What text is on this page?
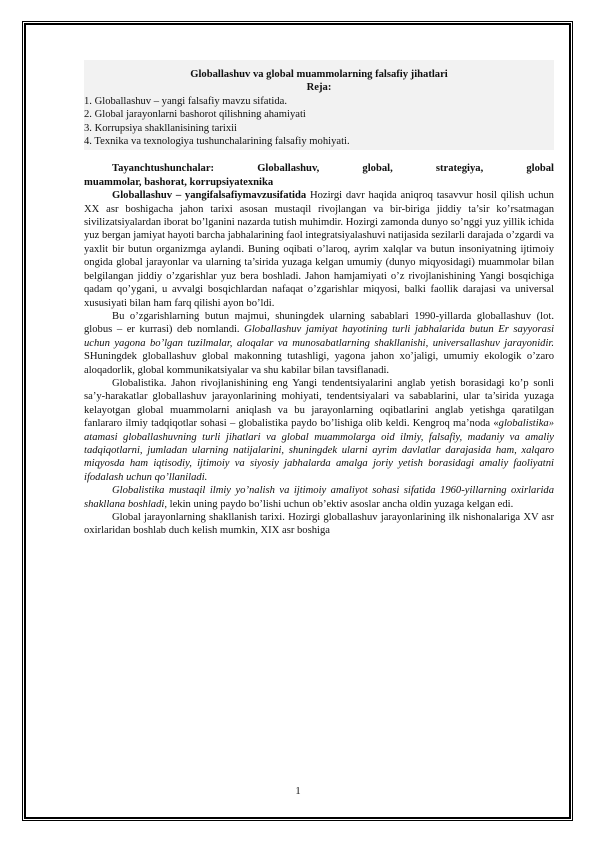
Globallashuv va global muammolarning falsafiy jihatlari
Reja:
1. Globallashuv – yangi falsafiy mavzu sifatida.
2. Global jarayonlarni bashorot qilishning ahamiyati
3. Korrupsiya shakllanisining tarixii
4. Texnika va texnologiya tushunchalarining falsafiy mohiyati.
Tayanchtushunchalar:	Globallashuv, global, strategiya, global
muammolar, bashorat, korrupsiyatexnika

Globallashuv – yangifalsafiymavzusifatida Hozirgi davr haqida aniqroq tasavvur hosil qilish uchun XX asr boshigacha jahon tarixi asosan mustaqil rivojlangan va bir-biriga jiddiy ta’sir ko’rsatmagan sivilizatsiyalardan iborat bo’lganini nazarda tutish muhimdir. Hozirgi zamonda dunyo so’nggi yuz yillik ichida yuz bergan jamiyat hayoti barcha jabhalarining faol integratsiyalashuvi natijasida sezilarli darajada o’zgardi va yaxlit bir butun organizmga aylandi. Buning oqibati o’laroq, ayrim xalqlar va butun insoniyatning ijtimoiy ongida global jarayonlar va ularning ta’sirida yuzaga kelgan umumiy (dunyo miqyosidagi) muammolar bilan belgilangan jiddiy o’zgarishlar yuz bera boshladi. Jahon hamjamiyati o’z rivojlanishining Yangi bosqichiga qadam qo’ygani, u avvalgi bosqichlardan nafaqat o’zgarishlar miqyosi, balki faollik darajasi va universal xususiyati bilan ham farq qilishi ayon bo’ldi.

Bu o’zgarishlarning butun majmui, shuningdek ularning sabablari 1990-yillarda globallashuv (lot. globus – er kurrasi) deb nomlandi. Globallashuv jamiyat hayotining turli jabhalarida butun Er sayyorasi uchun yagona bo’lgan tuzilmalar, aloqalar va munosabatlarning shakllanishi, universallashuv jarayonidir. SHuningdek globallashuv global makonning tutashligi, yagona jahon xo’jaligi, umumiy ekologik o’zaro aloqadorlik, global kommunikatsiyalar va shu kabilar bilan tavsiflanadi.

Globalistika. Jahon rivojlanishining eng Yangi tendentsiyalarini anglab yetish borasidagi ko’p sonli sa’y-harakatlar globallashuv jarayonlarining mohiyati, tendentsiyalari va sabablarini, ular ta’sirida yuzaga kelayotgan global muammolarni aniqlash va bu jarayonlarning oqibatlarini anglab yetishga qaratilgan fanlararo ilmiy tadqiqotlar sohasi – globalistika paydo bo’lishiga olib keldi. Kengroq ma’noda «globalistika» atamasi globallashuvning turli jihatlari va global muammolarga oid ilmiy, falsafiy, madaniy va amaliy tadqiqotlarni, jumladan ularning natijalarini, shuningdek ularni ayrim davlatlar darajasida ham, xalqaro miqyosda ham iqtisodiy, ijtimoiy va siyosiy jabhalarda amalga joriy yetish borasidagi amaliy faoliyatni ifodalash uchun qo’llaniladi.

Globalistika mustaqil ilmiy yo’nalish va ijtimoiy amaliyot sohasi sifatida 1960-yillarning oxirlarida shakllana boshladi, lekin uning paydo bo’lishi uchun ob’ektiv asoslar ancha oldin yuzaga kelgan edi.

Global jarayonlarning shakllanish tarixi. Hozirgi globallashuv jarayonlarining ilk nishonalariga XV asr oxirlaridan boshlab duch kelish mumkin, XIX asr boshiga

1
